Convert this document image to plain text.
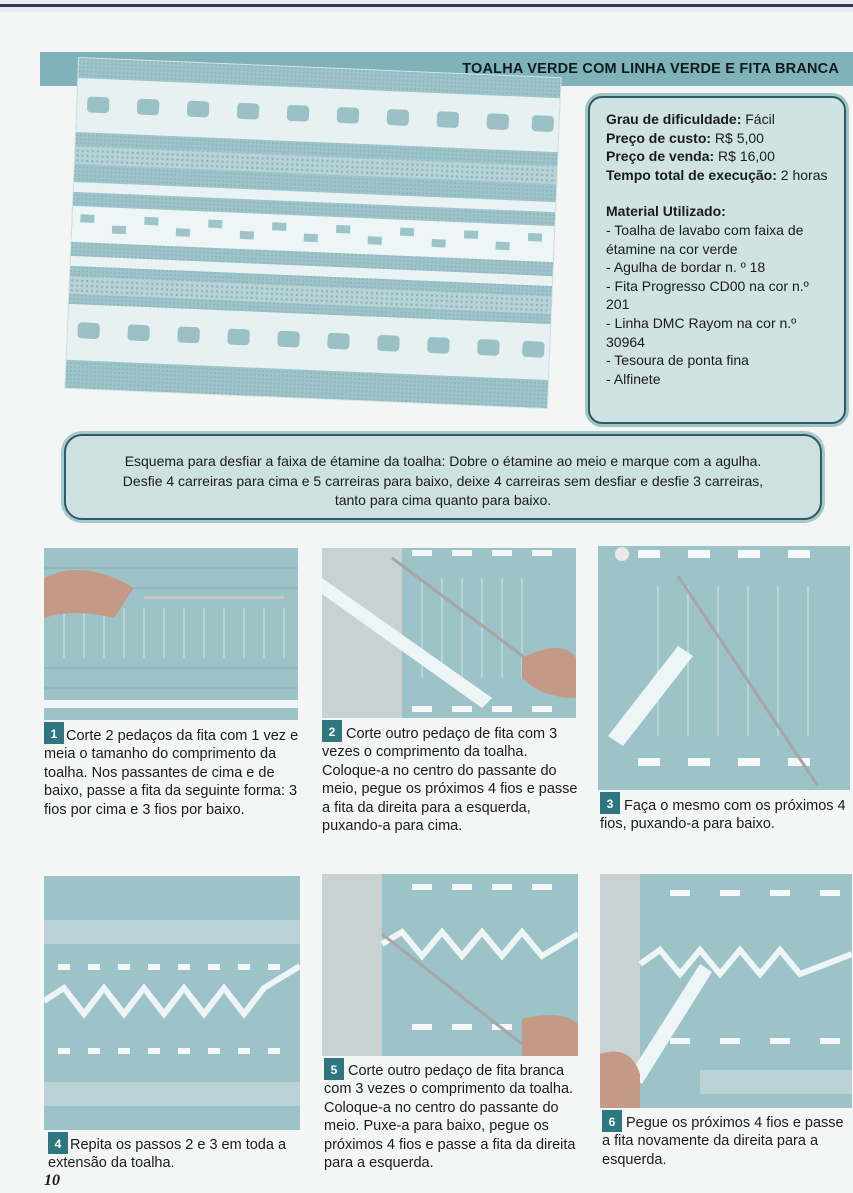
TOALHA VERDE COM LINHA VERDE E FITA BRANCA
Grau de dificuldade: Fácil
Preço de custo: R$ 5,00
Preço de venda: R$ 16,00
Tempo total de execução: 2 horas
Material Utilizado:
- Toalha de lavabo com faixa de étamine na cor verde
- Agulha de bordar n. º 18
- Fita Progresso CD00 na cor n.º 201
- Linha DMC Rayom na cor n.º 30964
- Tesoura de ponta fina
- Alfinete
Esquema para desfiar a faixa de étamine da toalha: Dobre o étamine ao meio e marque com a agulha.
Desfie 4 carreiras para cima e 5 carreiras para baixo, deixe 4 carreiras sem desfiar e desfie 3 carreiras,
tanto para cima quanto para baixo.
1 Corte 2 pedaços da fita com 1 vez e meia o tamanho do comprimento da toalha. Nos passantes de cima e de baixo, passe a fita da seguinte forma: 3 fios por cima e 3 fios por baixo.
2 Corte outro pedaço de fita com 3 vezes o comprimento da toalha. Coloque-a no centro do passante do meio, pegue os próximos 4 fios e passe a fita da direita para a esquerda, puxando-a para cima.
3 Faça o mesmo com os próximos 4 fios, puxando-a para baixo.
4 Repita os passos 2 e 3 em toda a extensão da toalha.
5 Corte outro pedaço de fita branca com 3 vezes o comprimento da toalha. Coloque-a no centro do passante do meio. Puxe-a para baixo, pegue os próximos 4 fios e passe a fita da direita para a esquerda.
6 Pegue os próximos 4 fios e passe a fita novamente da direita para a esquerda.
10
